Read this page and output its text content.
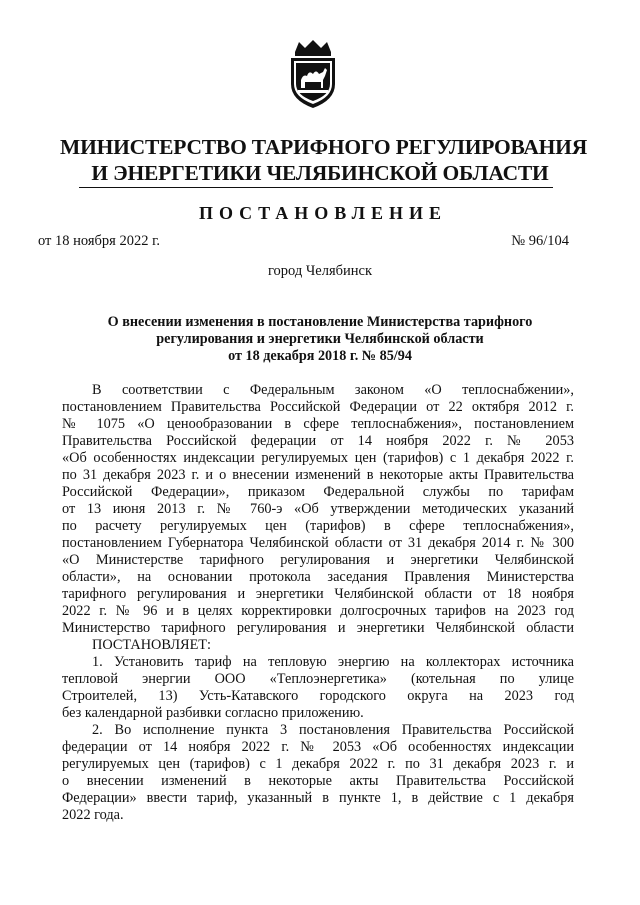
МИНИСТЕРСТВО ТАРИФНОГО РЕГУЛИРОВАНИЯ
И ЭНЕРГЕТИКИ ЧЕЛЯБИНСКОЙ ОБЛАСТИ
ПОСТАНОВЛЕНИЕ
от 18 ноября 2022 г.	№ 96/104
город Челябинск
О внесении изменения в постановление Министерства тарифного
регулирования и энергетики Челябинской области
от 18 декабря 2018 г. № 85/94
В соответствии с Федеральным законом «О теплоснабжении»,
постановлением Правительства Российской Федерации от 22 октября 2012 г.
№ 1075 «О ценообразовании в сфере теплоснабжения», постановлением
Правительства Российской федерации от 14 ноября 2022 г. № 2053
«Об особенностях индексации регулируемых цен (тарифов) с 1 декабря 2022 г.
по 31 декабря 2023 г. и о внесении изменений в некоторые акты Правительства
Российской Федерации», приказом Федеральной службы по тарифам
от 13 июня 2013 г. № 760-э «Об утверждении методических указаний
по расчету регулируемых цен (тарифов) в сфере теплоснабжения»,
постановлением Губернатора Челябинской области от 31 декабря 2014 г. № 300
«О Министерстве тарифного регулирования и энергетики Челябинской
области», на основании протокола заседания Правления Министерства
тарифного регулирования и энергетики Челябинской области от 18 ноября
2022 г. № 96 и в целях корректировки долгосрочных тарифов на 2023 год
Министерство тарифного регулирования и энергетики Челябинской области
ПОСТАНОВЛЯЕТ:
1. Установить тариф на тепловую энергию на коллекторах источника
тепловой энергии ООО «Теплоэнергетика» (котельная по улице
Строителей, 13) Усть-Катавского городского округа на 2023 год
без календарной разбивки согласно приложению.
2. Во исполнение пункта 3 постановления Правительства Российской
федерации от 14 ноября 2022 г. № 2053 «Об особенностях индексации
регулируемых цен (тарифов) с 1 декабря 2022 г. по 31 декабря 2023 г. и
о внесении изменений в некоторые акты Правительства Российской
Федерации» ввести тариф, указанный в пункте 1, в действие с 1 декабря
2022 года.
